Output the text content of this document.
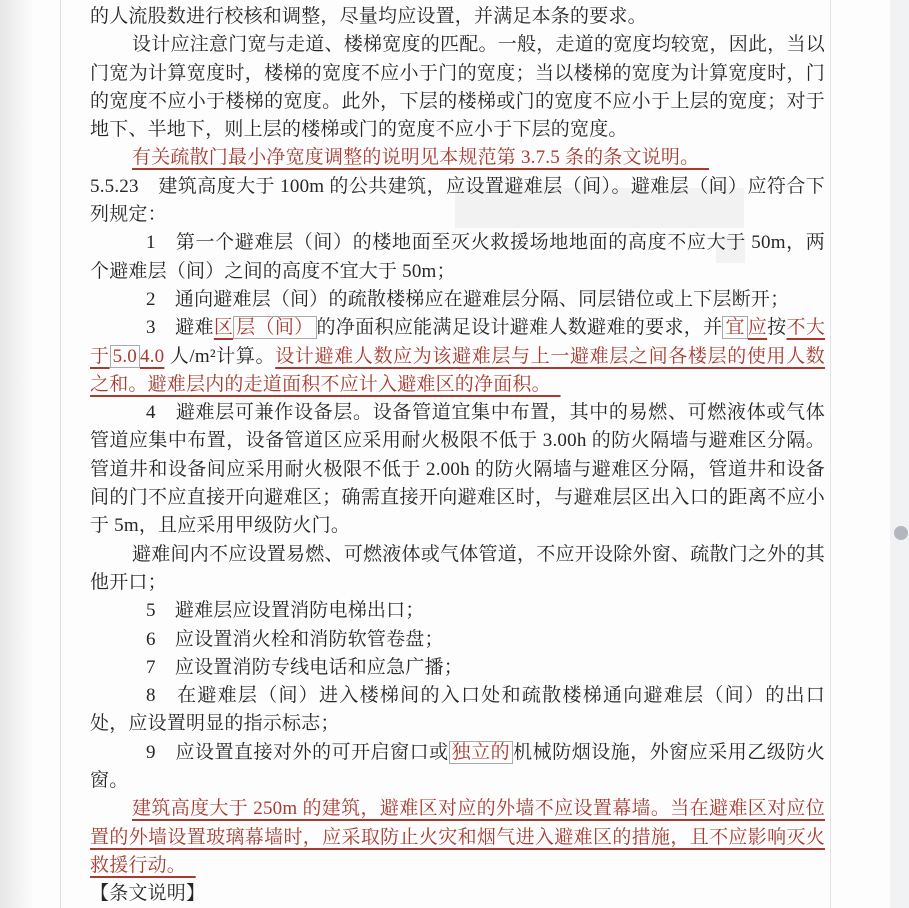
的人流股数进行校核和调整，尽量均应设置，并满足本条的要求。

设计应注意门宽与走道、楼梯宽度的匹配。一般，走道的宽度均较宽，因此，当以门宽为计算宽度时，楼梯的宽度不应小于门的宽度；当以楼梯的宽度为计算宽度时，门的宽度不应小于楼梯的宽度。此外，下层的楼梯或门的宽度不应小于上层的宽度；对于地下、半地下，则上层的楼梯或门的宽度不应小于下层的宽度。

有关疏散门最小净宽度调整的说明见本规范第 3.7.5 条的条文说明。　

5.5.23　建筑高度大于 100m 的公共建筑，应设置避难层（间）。避难层（间）应符合下列规定：

1　第一个避难层（间）的楼地面至灭火救援场地地面的高度不应大于 50m，两个避难层（间）之间的高度不宜大于 50m；

2　通向避难层（间）的疏散楼梯应在避难层分隔、同层错位或上下层断开；

3　避难区 层（间） 的净面积应能满足设计避难人数避难的要求，并 宜 应按不大于 5.0 4.0 人/m²计算。设计避难人数应为该避难层与上一避难层之间各楼层的使用人数之和。避难层内的走道面积不应计入避难区的净面积。　

4　避难层可兼作设备层。设备管道宜集中布置，其中的易燃、可燃液体或气体管道应集中布置，设备管道区应采用耐火极限不低于 3.00h 的防火隔墙与避难区分隔。管道井和设备间应采用耐火极限不低于 2.00h 的防火隔墙与避难区分隔，管道井和设备间的门不应直接开向避难区；确需直接开向避难区时，与避难层区出入口的距离不应小于 5m，且应采用甲级防火门。

避难间内不应设置易燃、可燃液体或气体管道，不应开设除外窗、疏散门之外的其他开口；

5　避难层应设置消防电梯出口；

6　应设置消火栓和消防软管卷盘；

7　应设置消防专线电话和应急广播；

8　在避难层（间）进入楼梯间的入口处和疏散楼梯通向避难层（间）的出口处，应设置明显的指示标志；

9　应设置直接对外的可开启窗口或 独立的 机械防烟设施，外窗应采用乙级防火窗。

建筑高度大于 250m 的建筑，避难区对应的外墙不应设置幕墙。当在避难区对应位置的外墙设置玻璃幕墙时，应采取防止火灾和烟气进入避难区的措施，且不应影响灭火救援行动。　

【条文说明】
